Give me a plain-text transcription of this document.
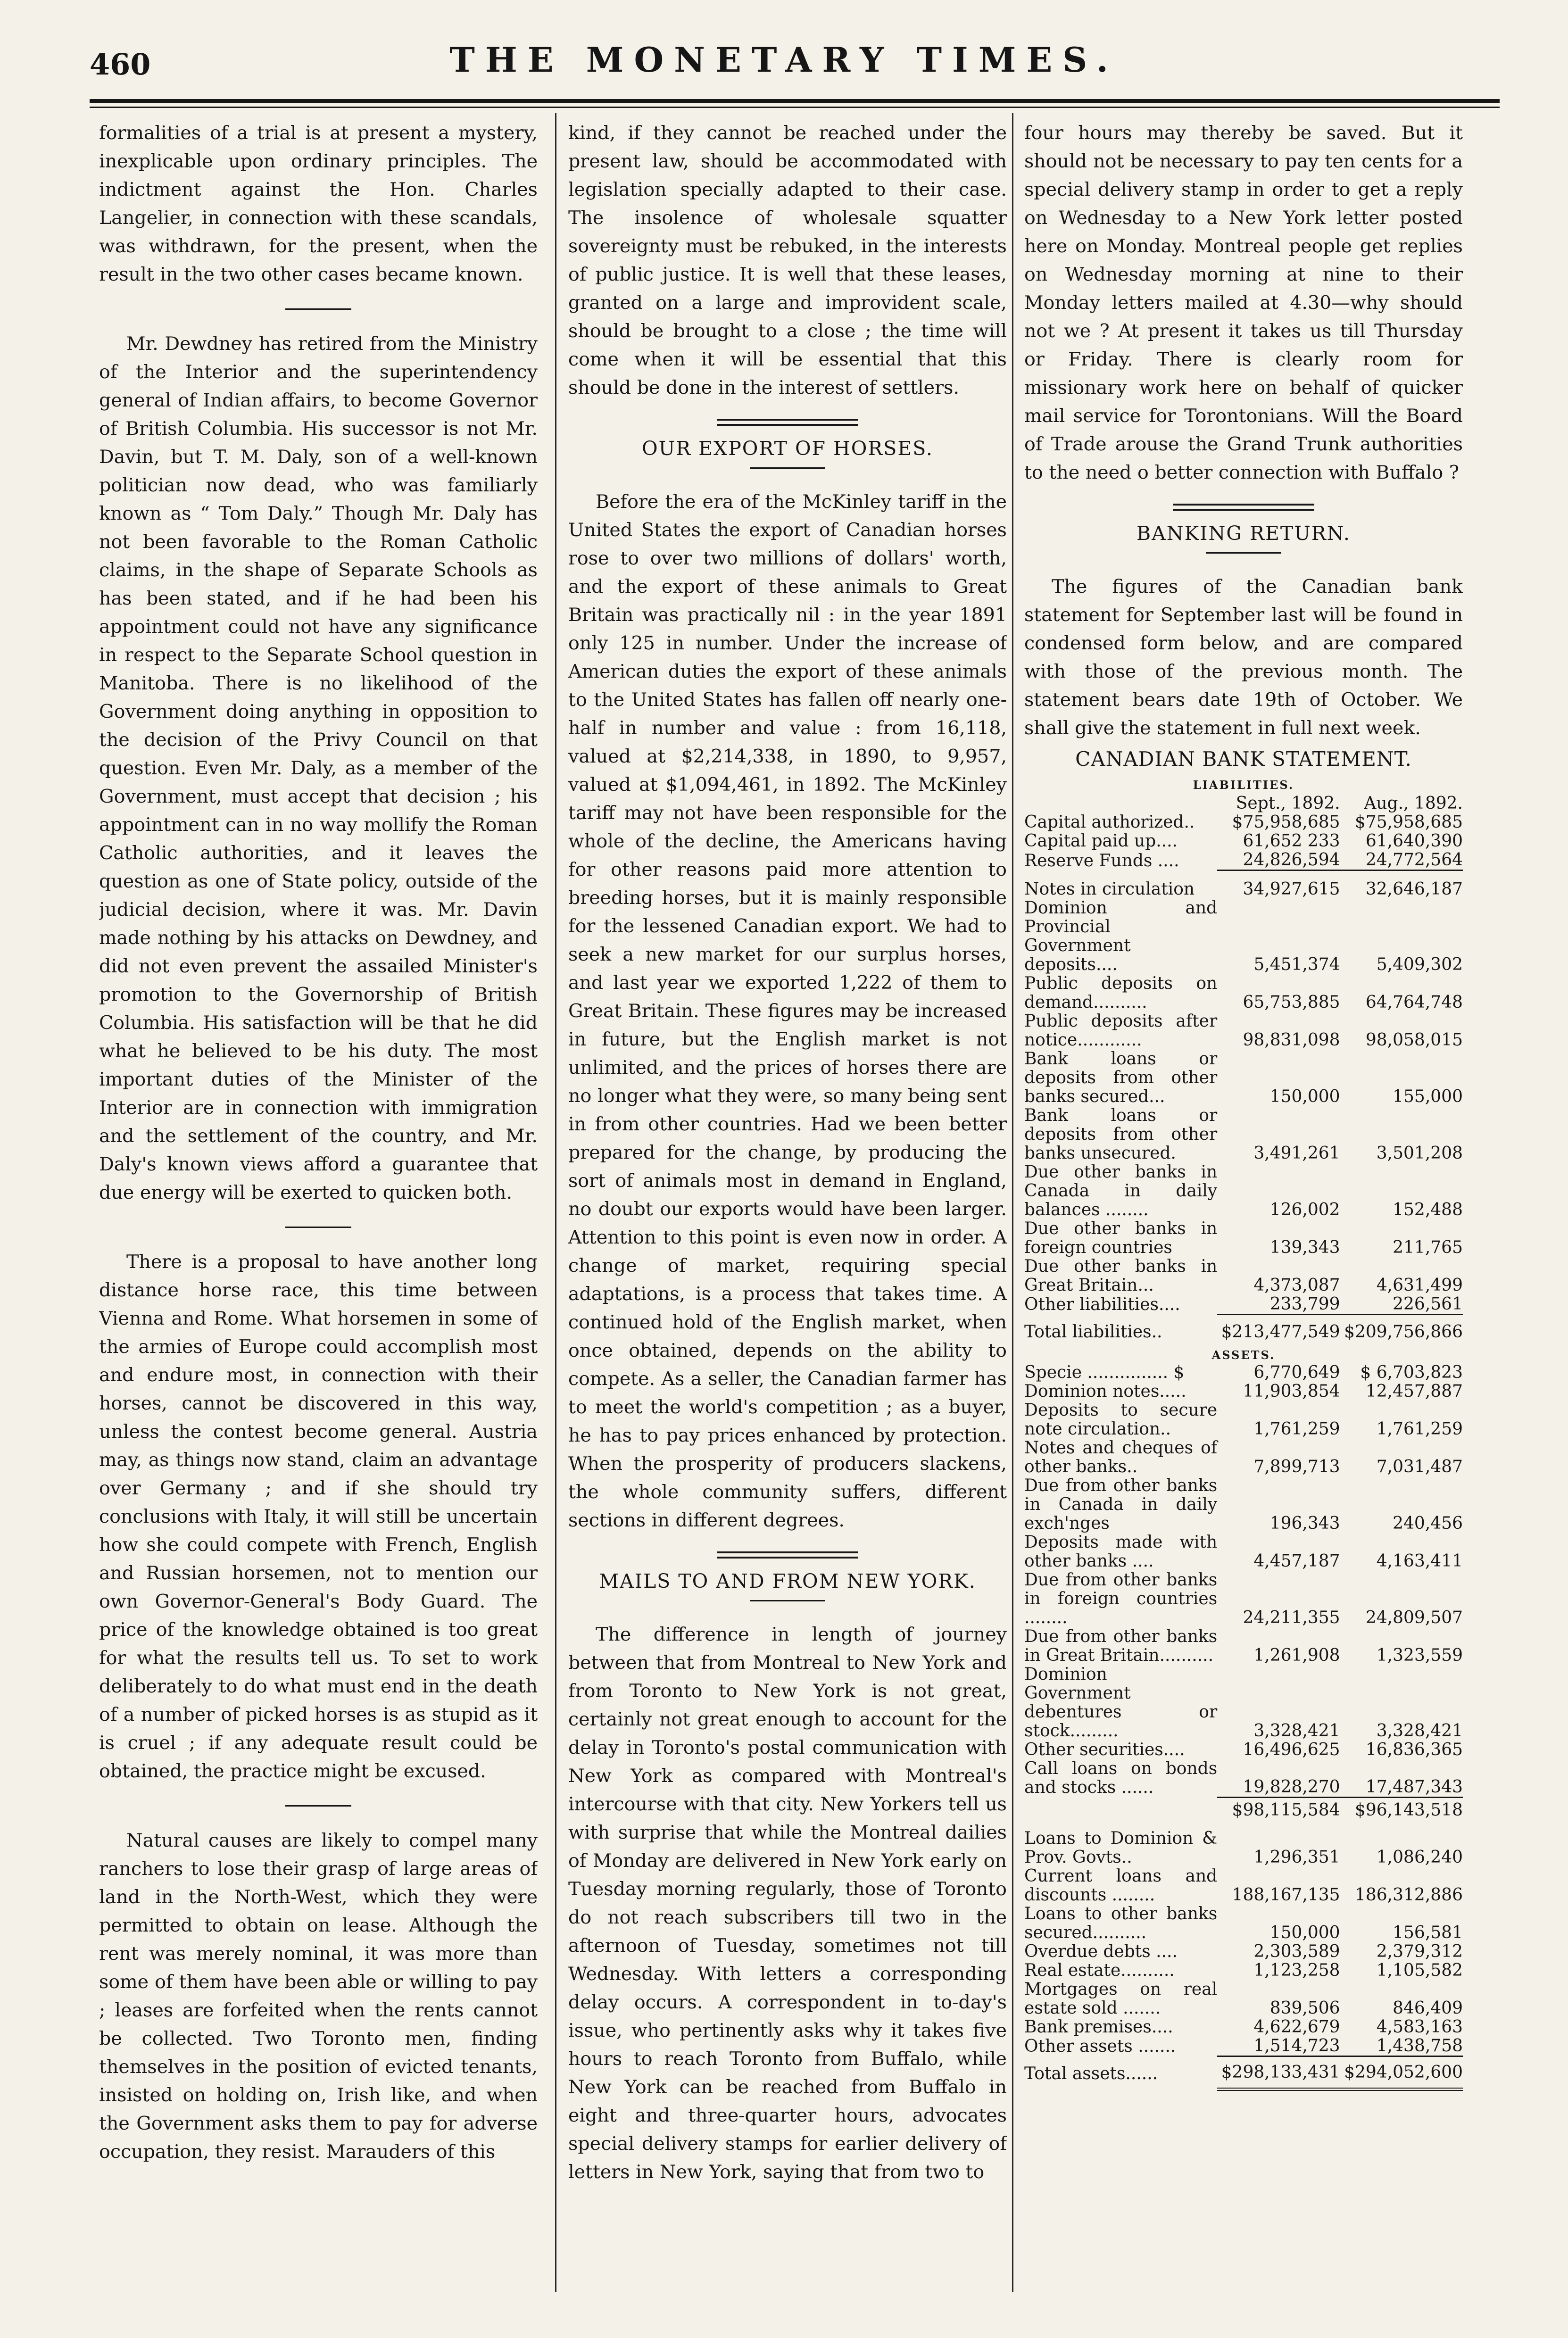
460	THE MONETARY TIMES.

formalities of a trial is at present a mystery, inexplicable upon ordinary principles. The indictment against the Hon. Charles Langelier, in connection with these scandals, was withdrawn, for the present, when the result in the two other cases became known.

Mr. Dewdney has retired from the Ministry of the Interior and the superintendency general of Indian affairs, to become Governor of British Columbia. His successor is not Mr. Davin, but T. M. Daly, son of a well-known politician now dead, who was familiarly known as “ Tom Daly.” Though Mr. Daly has not been favorable to the Roman Catholic claims, in the shape of Separate Schools as has been stated, and if he had been his appointment could not have any significance in respect to the Separate School question in Manitoba. There is no likelihood of the Government doing anything in opposition to the decision of the Privy Council on that question. Even Mr. Daly, as a member of the Government, must accept that decision ; his appointment can in no way mollify the Roman Catholic authorities, and it leaves the question as one of State policy, outside of the judicial decision, where it was. Mr. Davin made nothing by his attacks on Dewdney, and did not even prevent the assailed Minister's promotion to the Governorship of British Columbia. His satisfaction will be that he did what he believed to be his duty. The most important duties of the Minister of the Interior are in connection with immigration and the settlement of the country, and Mr. Daly's known views afford a guarantee that due energy will be exerted to quicken both.

There is a proposal to have another long distance horse race, this time between Vienna and Rome. What horsemen in some of the armies of Europe could accomplish most and endure most, in connection with their horses, cannot be discovered in this way, unless the contest become general. Austria may, as things now stand, claim an advantage over Germany ; and if she should try conclusions with Italy, it will still be uncertain how she could compete with French, English and Russian horsemen, not to mention our own Governor-General's Body Guard. The price of the knowledge obtained is too great for what the results tell us. To set to work deliberately to do what must end in the death of a number of picked horses is as stupid as it is cruel ; if any adequate result could be obtained, the practice might be excused.

Natural causes are likely to compel many ranchers to lose their grasp of large areas of land in the North-West, which they were permitted to obtain on lease. Although the rent was merely nominal, it was more than some of them have been able or willing to pay ; leases are forfeited when the rents cannot be collected. Two Toronto men, finding themselves in the position of evicted tenants, insisted on holding on, Irish like, and when the Government asks them to pay for adverse occupation, they resist. Marauders of this

kind, if they cannot be reached under the present law, should be accommodated with legislation specially adapted to their case. The insolence of wholesale squatter sovereignty must be rebuked, in the interests of public justice. It is well that these leases, granted on a large and improvident scale, should be brought to a close ; the time will come when it will be essential that this should be done in the interest of settlers.

OUR EXPORT OF HORSES.

Before the era of the McKinley tariff in the United States the export of Canadian horses rose to over two millions of dollars' worth, and the export of these animals to Great Britain was practically nil : in the year 1891 only 125 in number. Under the increase of American duties the export of these animals to the United States has fallen off nearly one-half in number and value : from 16,118, valued at $2,214,338, in 1890, to 9,957, valued at $1,094,461, in 1892. The McKinley tariff may not have been responsible for the whole of the decline, the Americans having for other reasons paid more attention to breeding horses, but it is mainly responsible for the lessened Canadian export. We had to seek a new market for our surplus horses, and last year we exported 1,222 of them to Great Britain. These figures may be increased in future, but the English market is not unlimited, and the prices of horses there are no longer what they were, so many being sent in from other countries. Had we been better prepared for the change, by producing the sort of animals most in demand in England, no doubt our exports would have been larger. Attention to this point is even now in order. A change of market, requiring special adaptations, is a process that takes time. A continued hold of the English market, when once obtained, depends on the ability to compete. As a seller, the Canadian farmer has to meet the world's competition ; as a buyer, he has to pay prices enhanced by protection. When the prosperity of producers slackens, the whole community suffers, different sections in different degrees.

MAILS TO AND FROM NEW YORK.

The difference in length of journey between that from Montreal to New York and from Toronto to New York is not great, certainly not great enough to account for the delay in Toronto's postal communication with New York as compared with Montreal's intercourse with that city. New Yorkers tell us with surprise that while the Montreal dailies of Monday are delivered in New York early on Tuesday morning regularly, those of Toronto do not reach subscribers till two in the afternoon of Tuesday, sometimes not till Wednesday. With letters a corresponding delay occurs. A correspondent in to-day's issue, who pertinently asks why it takes five hours to reach Toronto from Buffalo, while New York can be reached from Buffalo in eight and three-quarter hours, advocates special delivery stamps for earlier delivery of letters in New York, saying that from two to

four hours may thereby be saved. But it should not be necessary to pay ten cents for a special delivery stamp in order to get a reply on Wednesday to a New York letter posted here on Monday. Montreal people get replies on Wednesday morning at nine to their Monday letters mailed at 4.30—why should not we ? At present it takes us till Thursday or Friday. There is clearly room for missionary work here on behalf of quicker mail service for Torontonians. Will the Board of Trade arouse the Grand Trunk authorities to the need o better connection with Buffalo ?

BANKING RETURN.

The figures of the Canadian bank statement for September last will be found in condensed form below, and are compared with those of the previous month. The statement bears date 19th of October. We shall give the statement in full next week.

CANADIAN BANK STATEMENT.
LIABILITIES.
	Sept., 1892.	Aug., 1892.
Capital authorized..	$75,958,685	$75,958,685
Capital paid up....	61,652 233	61,640,390
Reserve Funds ....	24,826,594	24,772,564
Notes in circulation	34,927,615	32,646,187
Dominion and Provincial Government deposits....	5,451,374	5,409,302
Public deposits on demand..........	65,753,885	64,764,748
Public deposits after notice............	98,831,098	98,058,015
Bank loans or deposits from other banks secured...	150,000	155,000
Bank loans or deposits from other banks unsecured.	3,491,261	3,501,208
Due other banks in Canada in daily balances ........	126,002	152,488
Due other banks in foreign countries	139,343	211,765
Due other banks in Great Britain...	4,373,087	4,631,499
Other liabilities....	233,799	226,561
Total liabilities..	$213,477,549	$209,756,866
ASSETS.		
Specie ............... $	6,770,649	$ 6,703,823
Dominion notes.....	11,903,854	12,457,887
Deposits to secure note circulation..	1,761,259	1,761,259
Notes and cheques of other banks..	7,899,713	7,031,487
Due from other banks in Canada in daily exch'nges	196,343	240,456
Deposits made with other banks ....	4,457,187	4,163,411
Due from other banks in foreign countries ........	24,211,355	24,809,507
Due from other banks in Great Britain..........	1,261,908	1,323,559
Dominion Government debentures or stock.........	3,328,421	3,328,421
Other securities....	16,496,625	16,836,365
Call loans on bonds and stocks ......	19,828,270	17,487,343
	$98,115,584	$96,143,518
Loans to Dominion & Prov. Govts..	1,296,351	1,086,240
Current loans and discounts ........	188,167,135	186,312,886
Loans to other banks secured..........	150,000	156,581
Overdue debts ....	2,303,589	2,379,312
Real estate..........	1,123,258	1,105,582
Mortgages on real estate sold .......	839,506	846,409
Bank premises....	4,622,679	4,583,163
Other assets .......	1,514,723	1,438,758
Total assets......	$298,133,431	$294,052,600
